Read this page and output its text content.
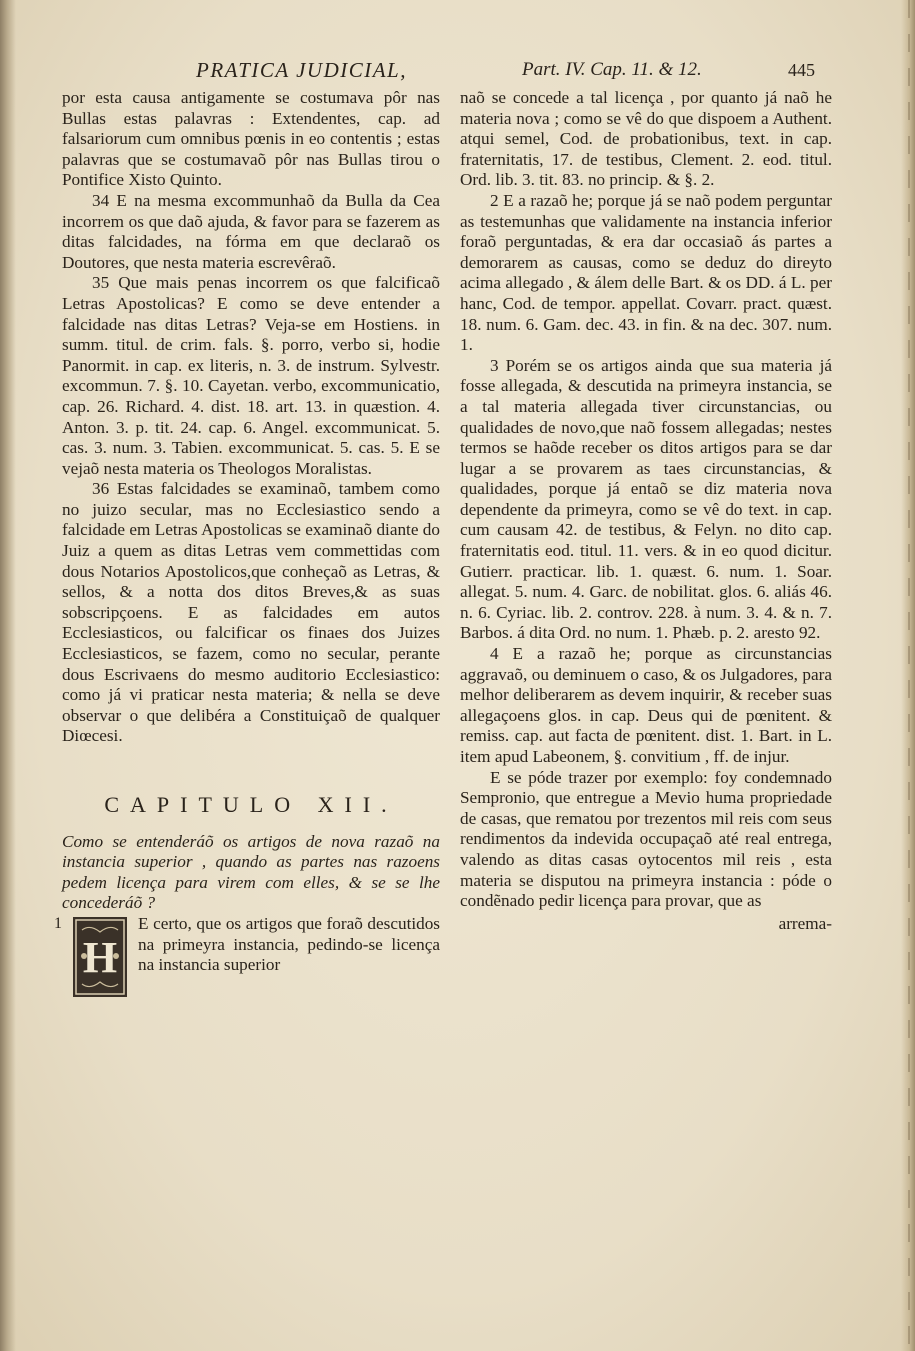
PRATICA JUDICIAL,	Part. IV. Cap. 11. & 12.	445

por esta causa antigamente se costumava pôr nas Bullas estas palavras : Extendentes, cap. ad falsariorum cum omnibus pœnis in eo contentis ; estas palavras que se costumavaõ pôr nas Bullas tirou o Pontifice Xisto Quinto.

34 E na mesma excommunhaõ da Bulla da Cea incorrem os que daõ ajuda, & favor para se fazerem as ditas falcidades, na fórma em que declaraõ os Doutores, que nesta materia escrevêraõ.

35 Que mais penas incorrem os que falcificaõ Letras Apostolicas? E como se deve entender a falcidade nas ditas Letras? Veja-se em Hostiens. in summ. titul. de crim. fals. §. porro, verbo si, hodie Panormit. in cap. ex literis, n. 3. de instrum. Sylvestr. excommun. 7. §. 10. Cayetan. verbo, excommunicatio, cap. 26. Richard. 4. dist. 18. art. 13. in quæstion. 4. Anton. 3. p. tit. 24. cap. 6. Angel. excommunicat. 5. cas. 3. num. 3. Tabien. excommunicat. 5. cas. 5. E se vejaõ nesta materia os Theologos Moralistas.

36 Estas falcidades se examinaõ, tambem como no juizo secular, mas no Ecclesiastico sendo a falcidade em Letras Apostolicas se examinaõ diante do Juiz a quem as ditas Letras vem commettidas com dous Notarios Apostolicos,que conheçaõ as Letras, & sellos, & a notta dos ditos Breves,& as suas sobscripçoens. E as falcidades em autos Ecclesiasticos, ou falcificar os finaes dos Juizes Ecclesiasticos, se fazem, como no secular, perante dous Escrivaens do mesmo auditorio Ecclesiastico: como já vi praticar nesta materia; & nella se deve observar o que delibéra a Constituiçaõ de qualquer Diœcesi.

CAPITULO XII.

Como se entenderáõ os artigos de nova razaõ na instancia superior , quando as partes nas razoens pedem licença para virem com elles, & se se lhe concederáõ ?

1
H
E certo, que os artigos que foraõ descutidos na primeyra instancia, pedindo-se licença na instancia superior

naõ se concede a tal licença , por quanto já naõ he materia nova ; como se vê do que dispoem a Authent. atqui semel, Cod. de probationibus, text. in cap. fraternitatis, 17. de testibus, Clement. 2. eod. titul. Ord. lib. 3. tit. 83. no princip. & §. 2.

2 E a razaõ he; porque já se naõ podem perguntar as testemunhas que validamente na instancia inferior foraõ perguntadas, & era dar occasiaõ ás partes a demorarem as causas, como se deduz do direyto acima allegado , & álem delle Bart. & os DD. á L. per hanc, Cod. de tempor. appellat. Covarr. pract. quæst. 18. num. 6. Gam. dec. 43. in fin. & na dec. 307. num. 1.

3 Porém se os artigos ainda que sua materia já fosse allegada, & descutida na primeyra instancia, se a tal materia allegada tiver circunstancias, ou qualidades de novo,que naõ fossem allegadas; nestes termos se haõde receber os ditos artigos para se dar lugar a se provarem as taes circunstancias, & qualidades, porque já entaõ se diz materia nova dependente da primeyra, como se vê do text. in cap. cum causam 42. de testibus, & Felyn. no dito cap. fraternitatis eod. titul. 11. vers. & in eo quod dicitur. Gutierr. practicar. lib. 1. quæst. 6. num. 1. Soar. allegat. 5. num. 4. Garc. de nobilitat. glos. 6. aliás 46. n. 6. Cyriac. lib. 2. controv. 228. à num. 3. 4. & n. 7. Barbos. á dita Ord. no num. 1. Phæb. p. 2. aresto 92.

4 E a razaõ he; porque as circunstancias aggravaõ, ou deminuem o caso, & os Julgadores, para melhor deliberarem as devem inquirir, & receber suas allegaçoens glos. in cap. Deus qui de pœnitent. & remiss. cap. aut facta de pœnitent. dist. 1. Bart. in L. item apud Labeonem, §. convitium , ff. de injur.

E se póde trazer por exemplo: foy condemnado Sempronio, que entregue a Mevio huma propriedade de casas, que rematou por trezentos mil reis com seus rendimentos da indevida occupaçaõ até real entrega, valendo as ditas casas oytocentos mil reis , esta materia se disputou na primeyra instancia : póde o condẽnado pedir licença para provar, que as

arrema-
